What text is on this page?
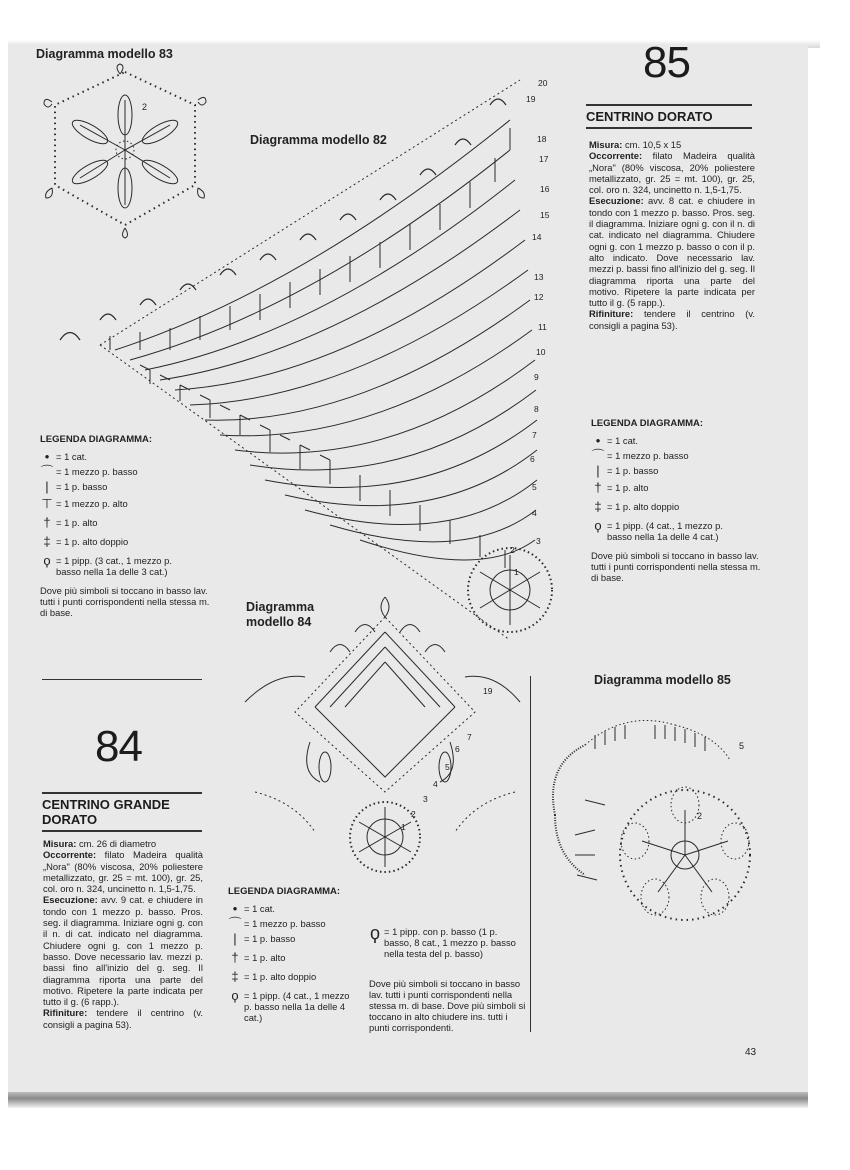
Diagramma modello 83
2
Diagramma modello 82
20
19
18
17
16
15
14
13
12
11
10
9
8
7
6
5
4
3
2
1
85
CENTRINO DORATO
Misura: cm. 10,5 x 15
Occorrente: filato Madeira qualità „Nora" (80% viscosa, 20% poliestere metallizzato, gr. 25 = mt. 100), gr. 25, col. oro n. 324, uncinetto n. 1,5-1,75.
Esecuzione: avv. 8 cat. e chiudere in tondo con 1 mezzo p. basso. Pros. seg. il diagramma. Iniziare ogni g. con il n. di cat. indicato nel diagramma. Chiudere ogni g. con 1 mezzo p. basso o con il p. alto indicato. Dove necessario lav. mezzi p. bassi fino all'inizio del g. seg. Il diagramma riporta una parte del motivo. Ripetere la parte indicata per tutto il g. (5 rapp.).
Rifiniture: tendere il centrino (v. consigli a pagina 53).
LEGENDA DIAGRAMMA:
• = 1 cat.
⌒ = 1 mezzo p. basso
| = 1 p. basso
† = 1 p. alto
‡ = 1 p. alto doppio
ϙ = 1 pipp. (4 cat., 1 mezzo p. basso nella 1a delle 4 cat.)
Dove più simboli si toccano in basso lav. tutti i punti corrispondenti nella stessa m. di base.
LEGENDA DIAGRAMMA:
• = 1 cat.
⌒ = 1 mezzo p. basso
| = 1 p. basso
⊤ = 1 mezzo p. alto
† = 1 p. alto
‡ = 1 p. alto doppio
ϙ = 1 pipp. (3 cat., 1 mezzo p. basso nella 1a delle 3 cat.)
Dove più simboli si toccano in basso lav. tutti i punti corrispondenti nella stessa m. di base.	Diagramma
modello 84
19
7
6
5
4
3
2
1
Diagramma modello 85
5
2
84
CENTRINO GRANDE
DORATO
Misura: cm. 26 di diametro
Occorrente: filato Madeira qualità „Nora" (80% viscosa, 20% poliestere metallizzato, gr. 25 = mt. 100), gr. 25, col. oro n. 324, uncinetto n. 1,5-1,75.
Esecuzione: avv. 9 cat. e chiudere in tondo con 1 mezzo p. basso. Pros. seg. il diagramma. Iniziare ogni g. con il n. di cat. indicato nel diagramma. Chiudere ogni g. con 1 mezzo p. basso. Dove necessario lav. mezzi p. bassi fino all'inizio del g. seg. Il diagramma riporta una parte del motivo. Ripetere la parte indicata per tutto il g. (6 rapp.).
Rifiniture: tendere il centrino (v. consigli a pagina 53).
LEGENDA DIAGRAMMA:
• = 1 cat.
⌒ = 1 mezzo p. basso
| = 1 p. basso
† = 1 p. alto
‡ = 1 p. alto doppio
ϙ = 1 pipp. (4 cat., 1 mezzo p. basso nella 1a delle 4 cat.)
ϙ = 1 pipp. con p. basso (1 p. basso, 8 cat., 1 mezzo p. basso nella testa del p. basso)
Dove più simboli si toccano in basso lav. tutti i punti corrispondenti nella stessa m. di base. Dove più simboli si toccano in alto chiudere ins. tutti i punti corrispondenti.
43
